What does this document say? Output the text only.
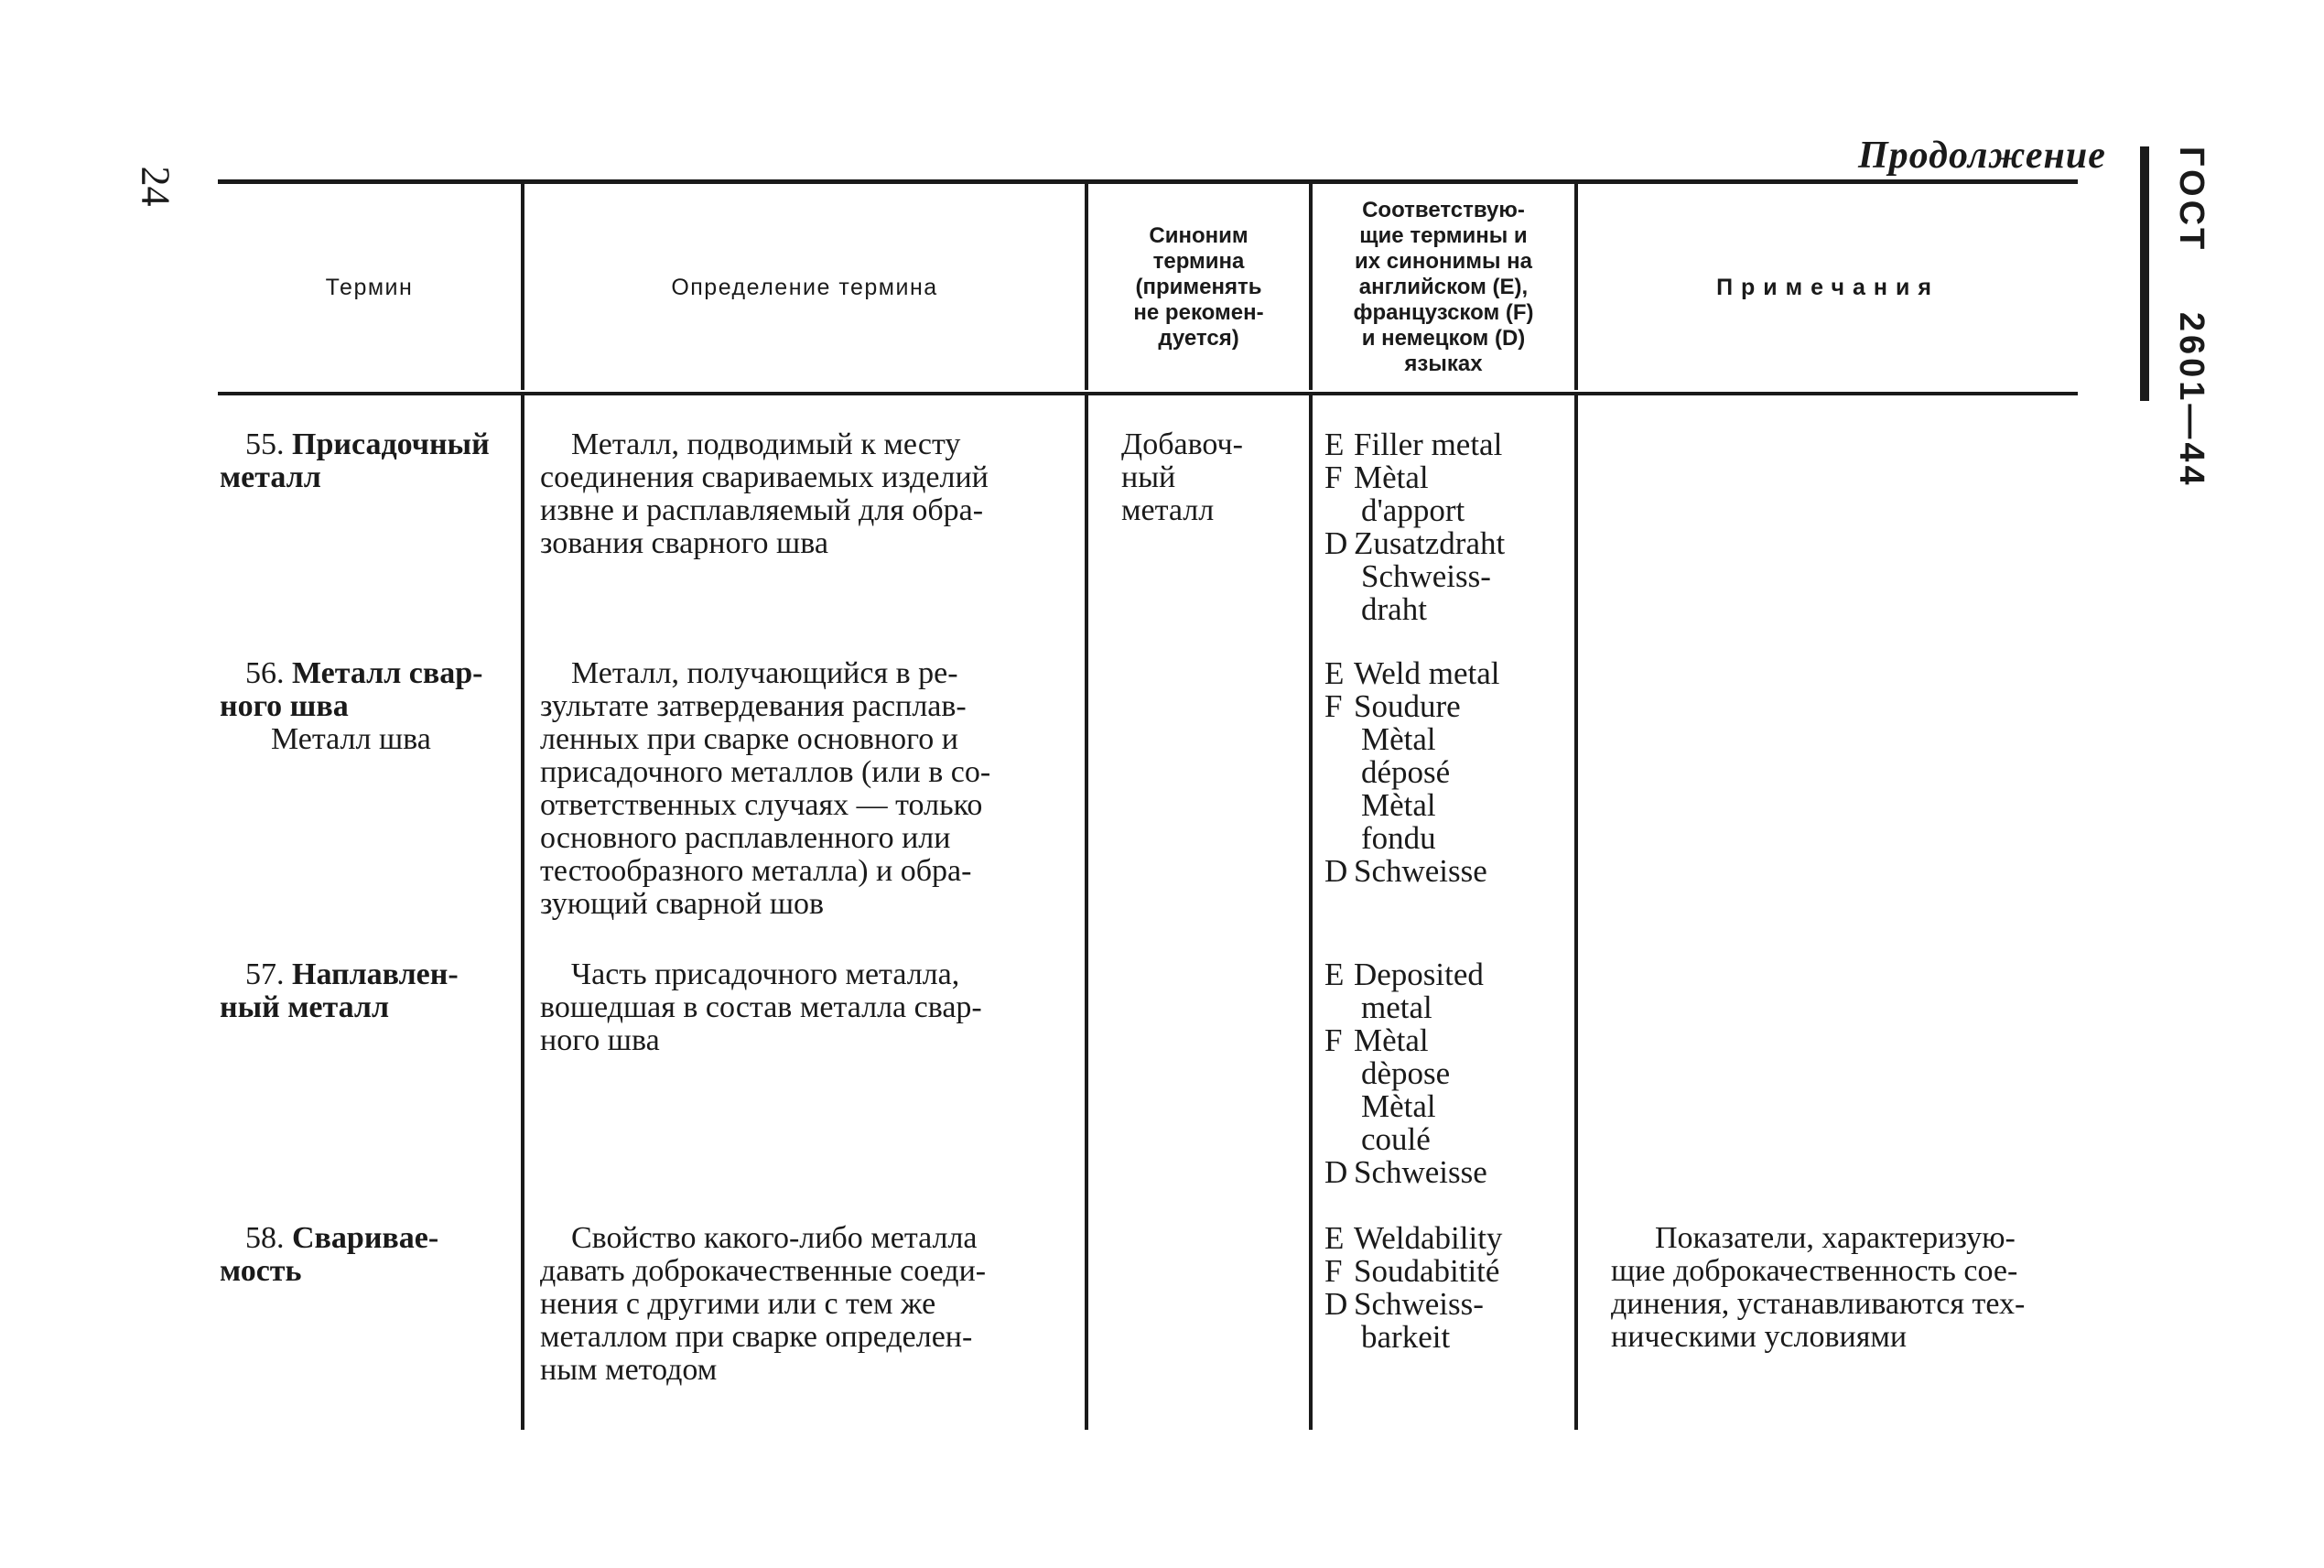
24
Продолжение ГОСТ 2601—44
Термин	Определение термина
Синоним
термина
(применять
не рекомен-
дуется)
Соответствую-
щие термины и
их синонимы на
английском (Е),
французском (F)
и немецком (D)
языках
Примечания
55. Присадочный
металл
Металл, подводимый к месту
соединения свариваемых изделий
извне и расплавляемый для обра-
зования сварного шва
Добавоч-
ный
металл
E Filler metal
F Mètal
d'apport
D Zusatzdraht
Schweiss-
draht
56. Металл свар-
ного шва
Металл шва
Металл, получающийся в ре-
зультате затвердевания расплав-
ленных при сварке основного и
присадочного металлов (или в со-
ответственных случаях — только
основного расплавленного или
тестообразного металла) и обра-
зующий сварной шов
E Weld metal
F Soudure
Mètal
déposé
Mètal
fondu
D Schweisse
57. Наплавлен-
ный металл
Часть присадочного металла,
вошедшая в состав металла свар-
ного шва
E Deposited
metal
F Mètal
dèpose
Mètal
coulé
D Schweisse
58. Сваривае-
мость
Свойство какого-либо металла
давать доброкачественные соеди-
нения с другими или с тем же
металлом при сварке определен-
ным методом
E Weldability
F Soudabitité
D Schweiss-
barkeit
Показатели, характеризую-
щие доброкачественность сое-
динения, устанавливаются тех-
ническими условиями
